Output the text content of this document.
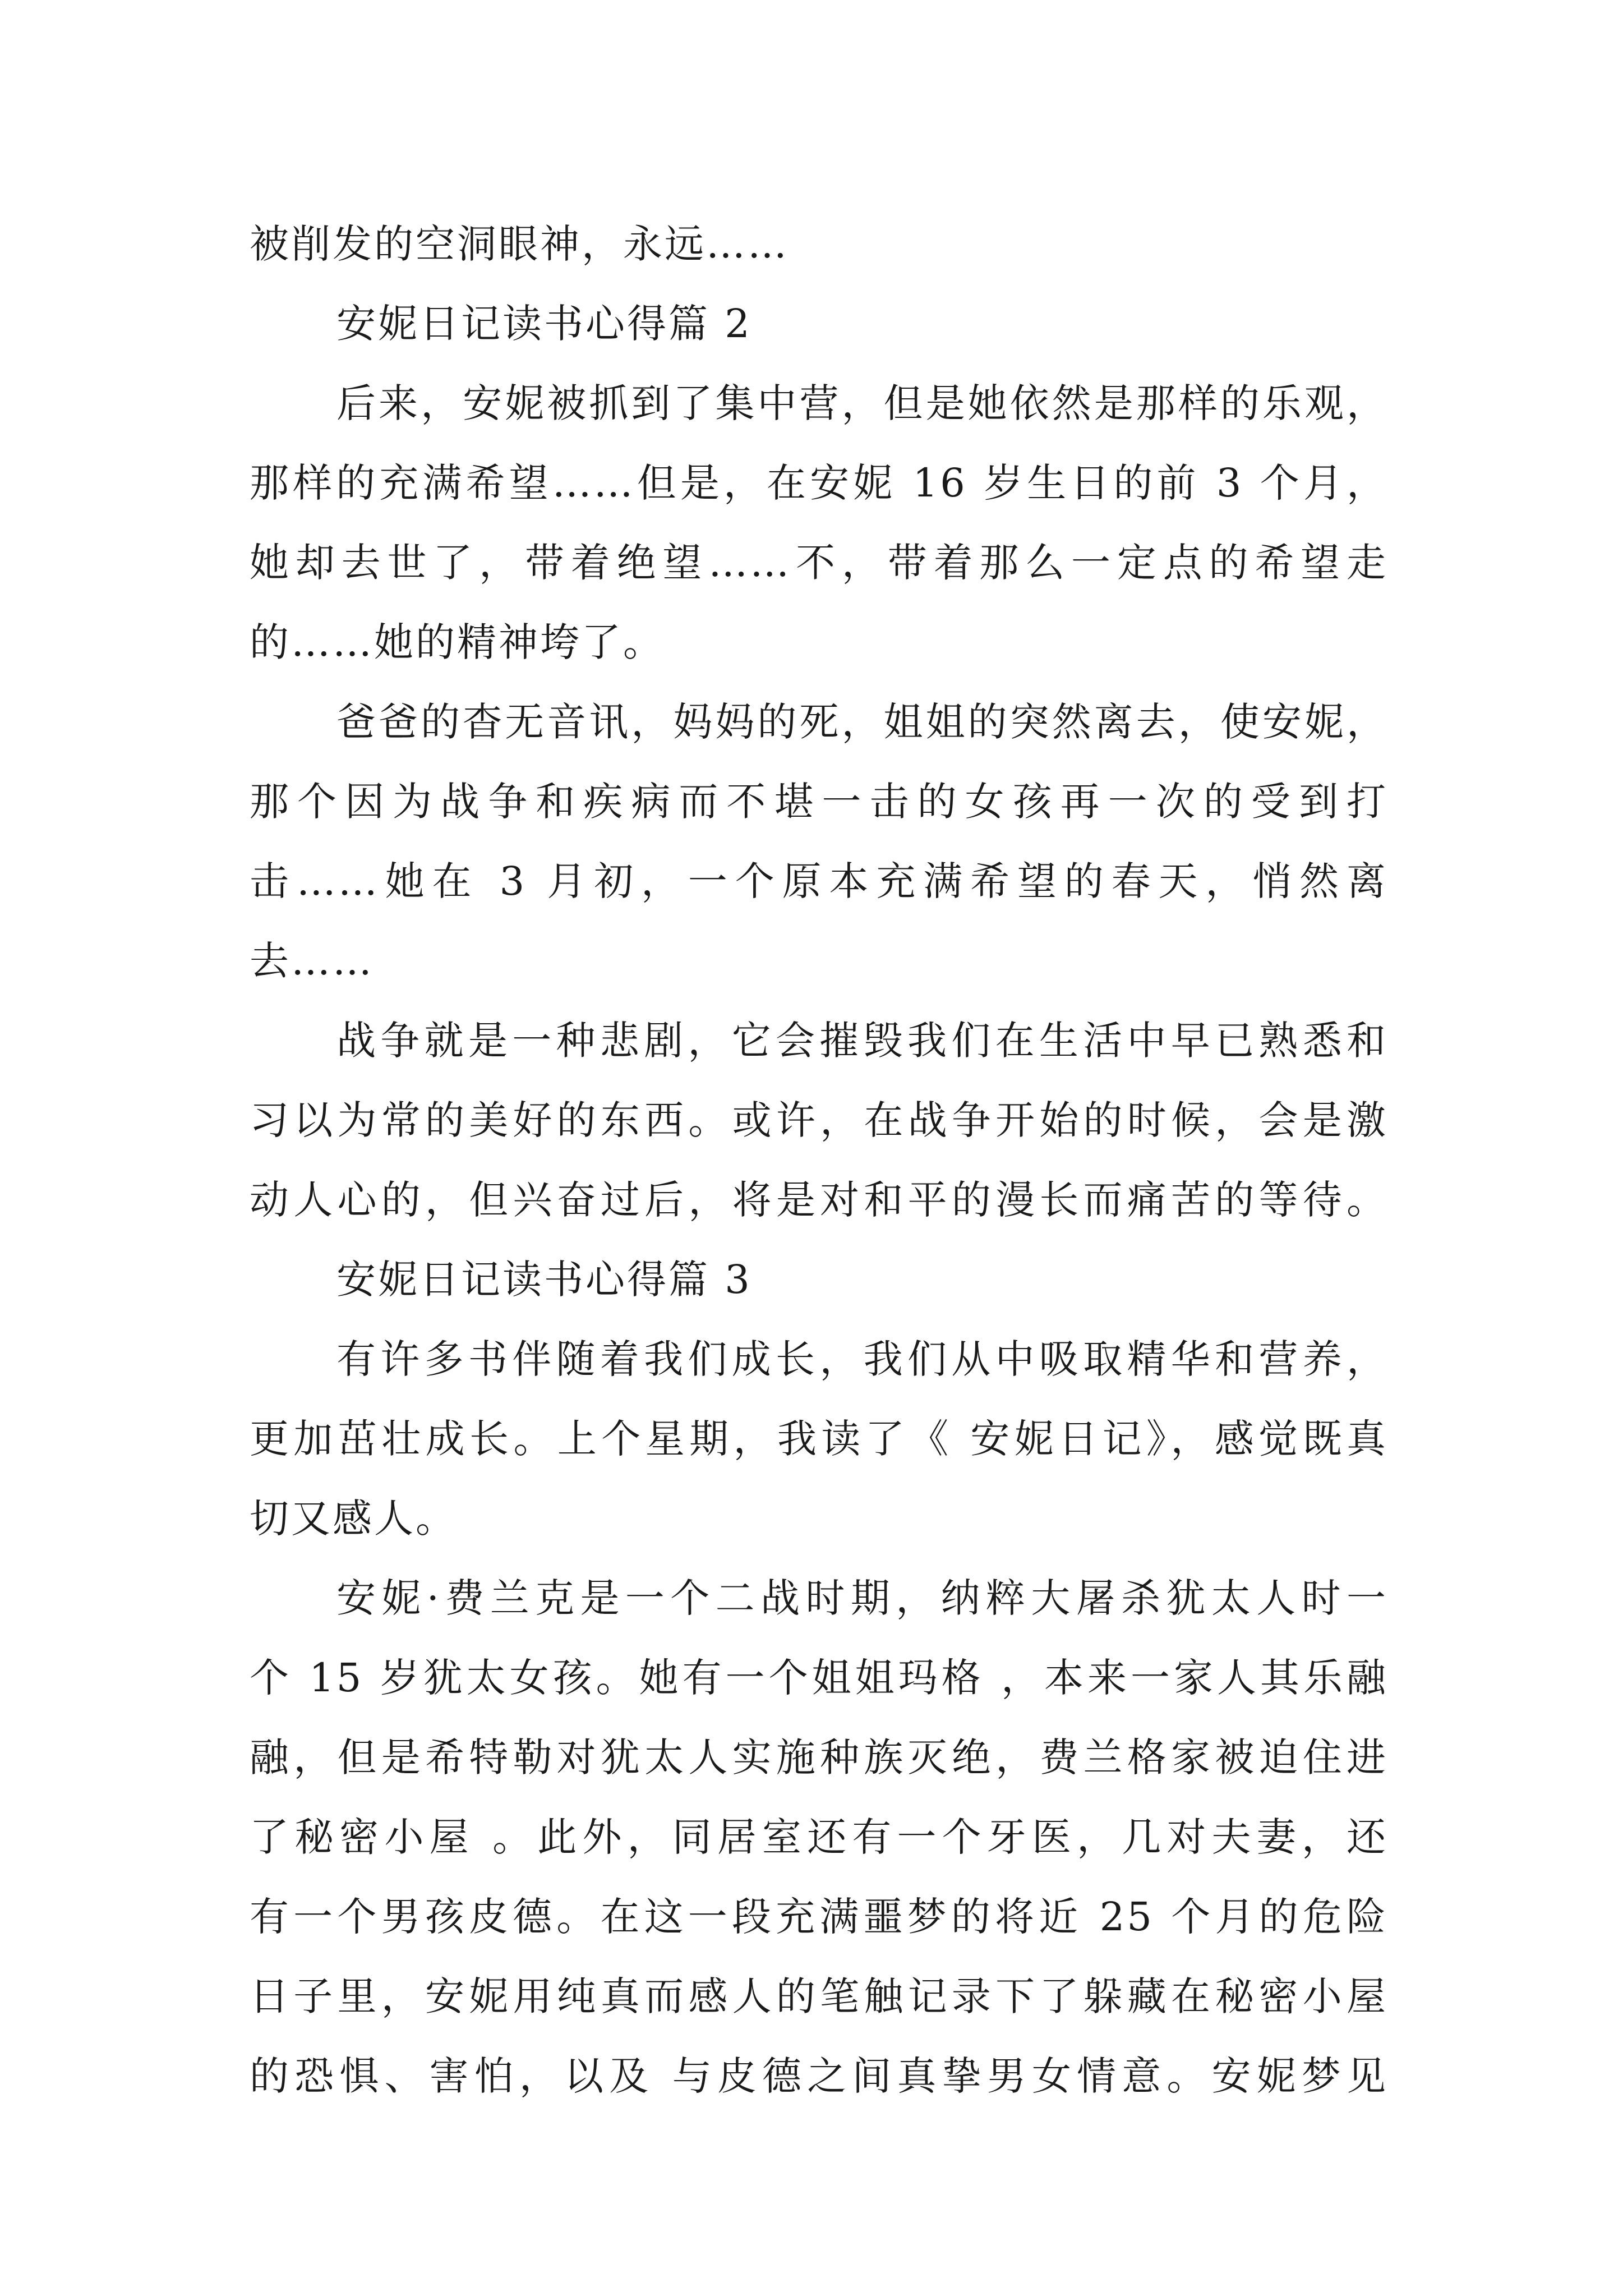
被削发的空洞眼神，永远……
安妮日记读书心得篇 2
后来，安妮被抓到了集中营，但是她依然是那样的乐观，
那样的充满希望……但是，在安妮 16 岁生日的前 3 个月，
她却去世了，带着绝望……不，带着那么一定点的希望走
的……她的精神垮了。
爸爸的杳无音讯，妈妈的死，姐姐的突然离去，使安妮，
那个因为战争和疾病而不堪一击的女孩再一次的受到打
击……她在 3 月初，一个原本充满希望的春天，悄然离
去……
战争就是一种悲剧，它会摧毁我们在生活中早已熟悉和
习以为常的美好的东西。或许，在战争开始的时候，会是激
动人心的，但兴奋过后，将是对和平的漫长而痛苦的等待。
安妮日记读书心得篇 3
有许多书伴随着我们成长，我们从中吸取精华和营养，
更加茁壮成长。上个星期，我读了《 安妮日记》，感觉既真
切又感人。
安妮·费兰克是一个二战时期，纳粹大屠杀犹太人时一
个 15 岁犹太女孩。她有一个姐姐玛格 ，本来一家人其乐融
融，但是希特勒对犹太人实施种族灭绝，费兰格家被迫住进
了秘密小屋 。此外，同居室还有一个牙医，几对夫妻，还
有一个男孩皮德。在这一段充满噩梦的将近 25 个月的危险
日子里，安妮用纯真而感人的笔触记录下了躲藏在秘密小屋
的恐惧、害怕，以及 与皮德之间真挚男女情意。安妮梦见
